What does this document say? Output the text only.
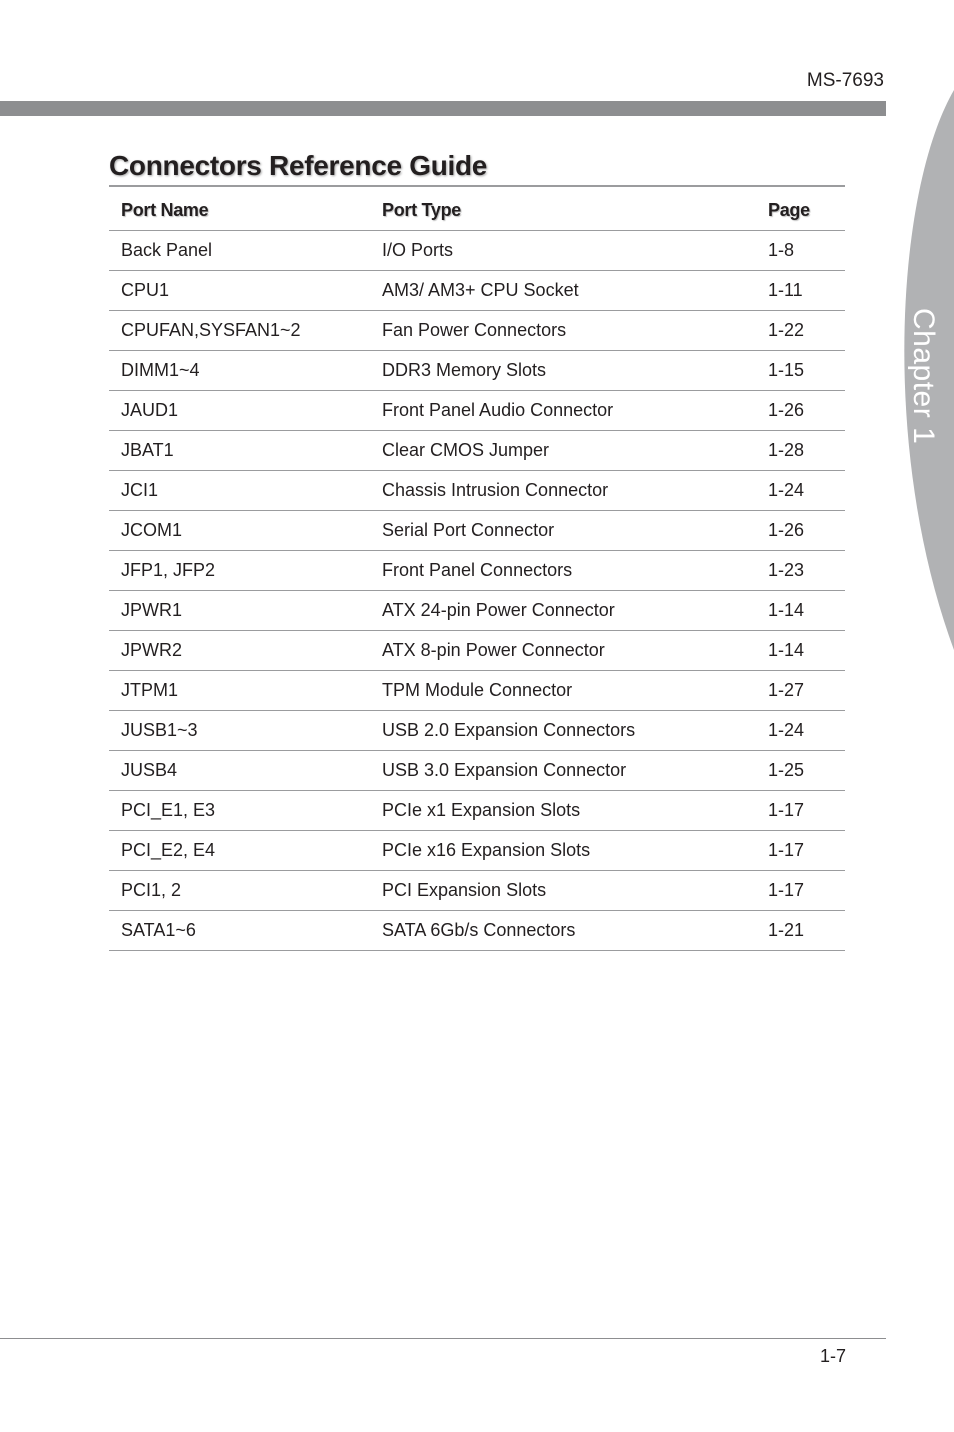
MS-7693
Chapter 1
Connectors Reference Guide
Port Name	Port Type	Page
Back Panel	I/O Ports	1-8
CPU1	AM3/ AM3+ CPU Socket	1-11
CPUFAN,SYSFAN1~2	Fan Power Connectors	1-22
DIMM1~4	DDR3 Memory Slots	1-15
JAUD1	Front Panel Audio Connector	1-26
JBAT1	Clear CMOS Jumper	1-28
JCI1	Chassis Intrusion Connector	1-24
JCOM1	Serial Port Connector	1-26
JFP1, JFP2	Front Panel Connectors	1-23
JPWR1	ATX 24-pin Power Connector	1-14
JPWR2	ATX 8-pin Power Connector	1-14
JTPM1	TPM Module Connector	1-27
JUSB1~3	USB 2.0 Expansion Connectors	1-24
JUSB4	USB 3.0 Expansion Connector	1-25
PCI_E1, E3	PCIe x1 Expansion Slots	1-17
PCI_E2, E4	PCIe x16 Expansion Slots	1-17
PCI1, 2	PCI Expansion Slots	1-17
SATA1~6	SATA 6Gb/s Connectors	1-21
1-7
